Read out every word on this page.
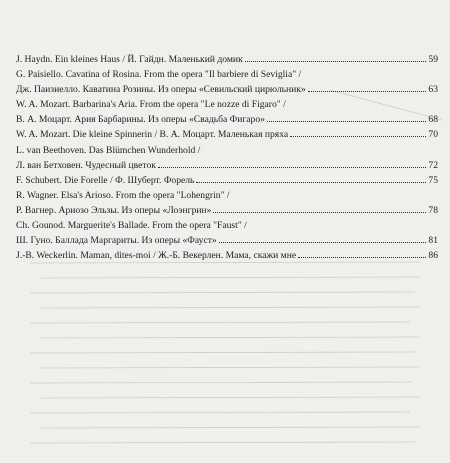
J. Haydn. Ein kleines Haus / Й. Гайдн. Маленький домик	59
G. Paisiello. Cavatina of Rosina. From the opera "Il barbiere di Seviglia" /
Дж. Паизиелло. Каватина Розины. Из оперы «Севильский цирюльник»	63
W. A. Mozart. Barbarina's Aria. From the opera "Le nozze di Figaro" /
В. А. Моцарт. Ария Барбарины. Из оперы «Свадьба Фигаро»	68
W. A. Mozart. Die kleine Spinnerin / В. А. Моцарт. Маленькая пряха	70
L. van Beethoven. Das Blümchen Wunderhold /
Л. ван Бетховен. Чудесный цветок	72
F. Schubert. Die Forelle / Ф. Шуберт. Форель	75
R. Wagner. Elsa's Arioso. From the opera "Lohengrin" /
Р. Вагнер. Ариозо Эльзы. Из оперы «Лоэнгрин»	78
Ch. Gounod. Marguerite's Ballade. From the opera "Faust" /
Ш. Гуно. Баллада Маргариты. Из оперы «Фауст»	81
J.-B. Weckerlin. Maman, dites-moi / Ж.-Б. Векерлен. Мама, скажи мне	86
